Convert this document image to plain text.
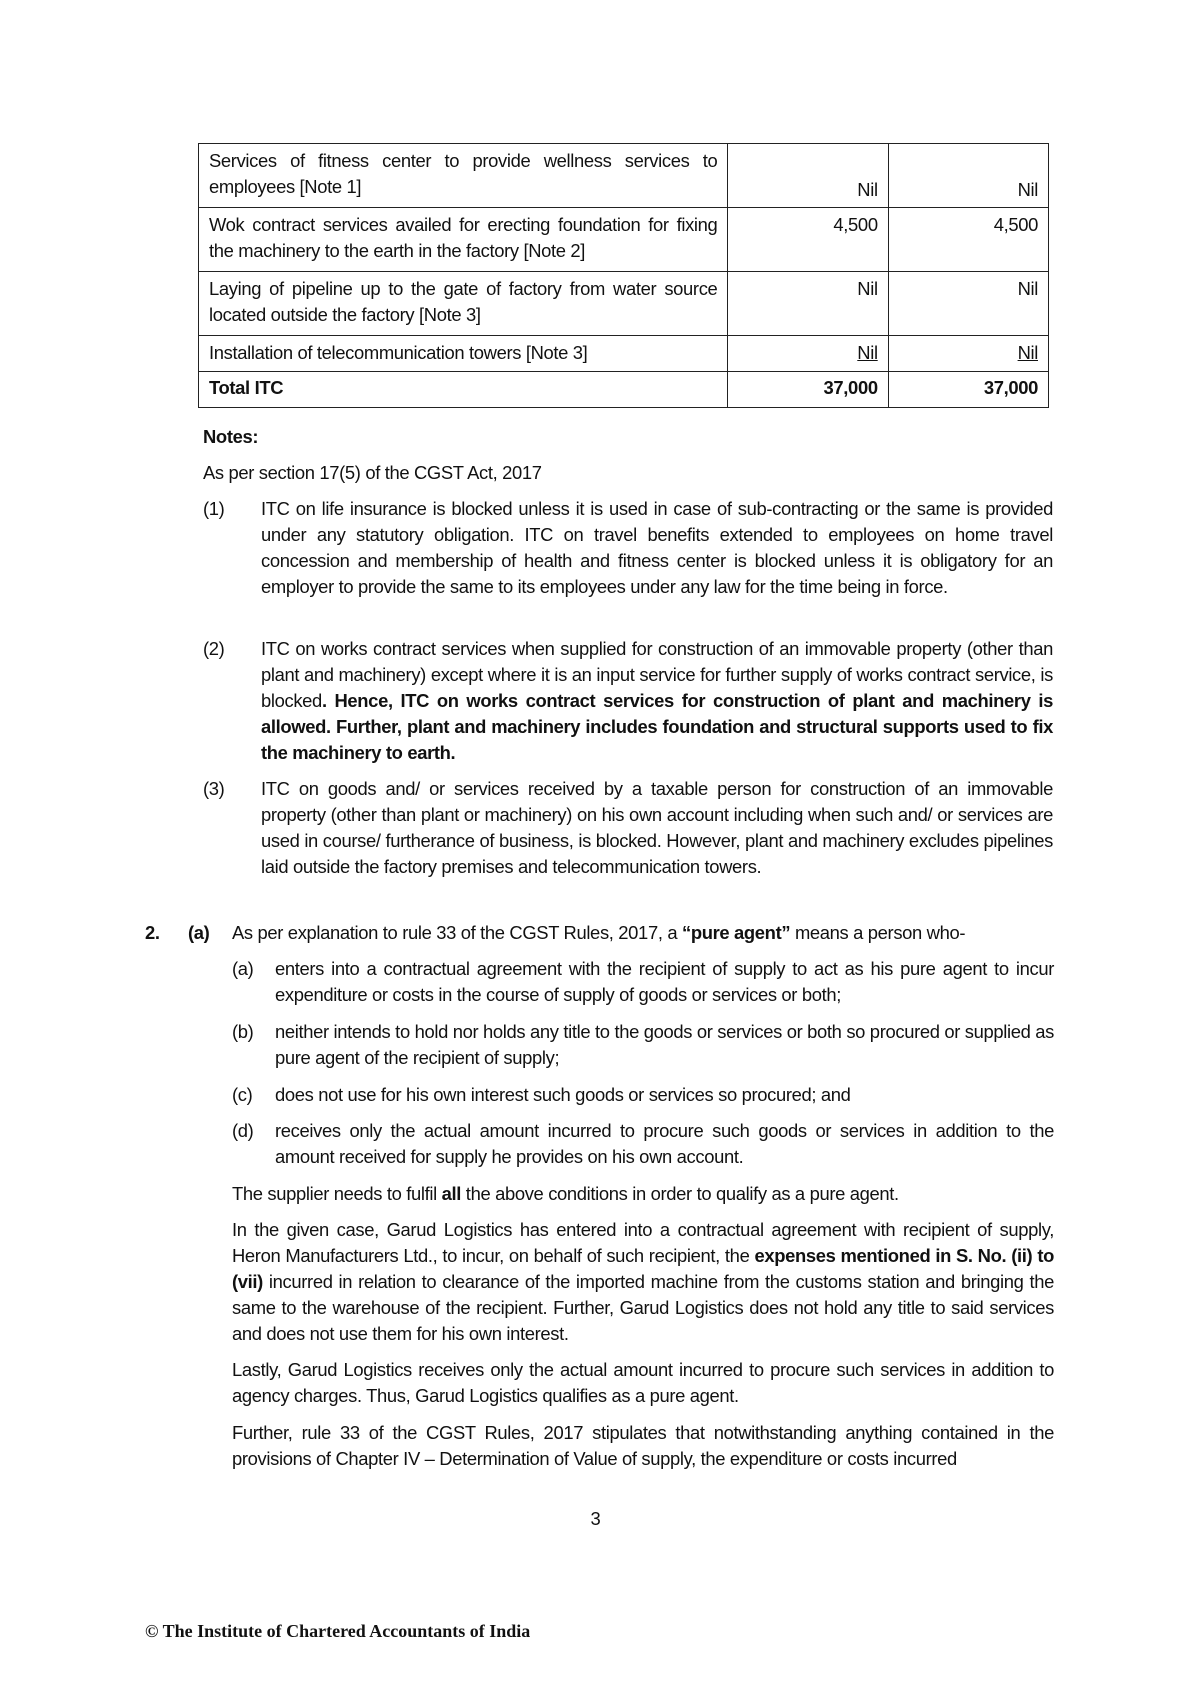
Services of fitness center to provide wellness services to employees [Note 1]	Nil	Nil
Wok contract services availed for erecting foundation for fixing the machinery to the earth in the factory [Note 2]	4,500	4,500
Laying of pipeline up to the gate of factory from water source located outside the factory [Note 3]	Nil	Nil
Installation of telecommunication towers [Note 3]	Nil	Nil
Total ITC	37,000	37,000
Notes:
As per section 17(5) of the CGST Act, 2017
(1) ITC on life insurance is blocked unless it is used in case of sub-contracting or the same is provided under any statutory obligation. ITC on travel benefits extended to employees on home travel concession and membership of health and fitness center is blocked unless it is obligatory for an employer to provide the same to its employees under any law for the time being in force.
(2) ITC on works contract services when supplied for construction of an immovable property (other than plant and machinery) except where it is an input service for further supply of works contract service, is blocked. Hence, ITC on works contract services for construction of plant and machinery is allowed. Further, plant and machinery includes foundation and structural supports used to fix the machinery to earth.
(3) ITC on goods and/ or services received by a taxable person for construction of an immovable property (other than plant or machinery) on his own account including when such and/ or services are used in course/ furtherance of business, is blocked. However, plant and machinery excludes pipelines laid outside the factory premises and telecommunication towers.
2. (a) As per explanation to rule 33 of the CGST Rules, 2017, a “pure agent” means a person who-
(a) enters into a contractual agreement with the recipient of supply to act as his pure agent to incur expenditure or costs in the course of supply of goods or services or both;
(b) neither intends to hold nor holds any title to the goods or services or both so procured or supplied as pure agent of the recipient of supply;
(c) does not use for his own interest such goods or services so procured; and
(d) receives only the actual amount incurred to procure such goods or services in addition to the amount received for supply he provides on his own account.
The supplier needs to fulfil all the above conditions in order to qualify as a pure agent.
In the given case, Garud Logistics has entered into a contractual agreement with recipient of supply, Heron Manufacturers Ltd., to incur, on behalf of such recipient, the expenses mentioned in S. No. (ii) to (vii) incurred in relation to clearance of the imported machine from the customs station and bringing the same to the warehouse of the recipient. Further, Garud Logistics does not hold any title to said services and does not use them for his own interest.
Lastly, Garud Logistics receives only the actual amount incurred to procure such services in addition to agency charges. Thus, Garud Logistics qualifies as a pure agent.
Further, rule 33 of the CGST Rules, 2017 stipulates that notwithstanding anything contained in the provisions of Chapter IV – Determination of Value of supply, the expenditure or costs incurred
3
© The Institute of Chartered Accountants of India
